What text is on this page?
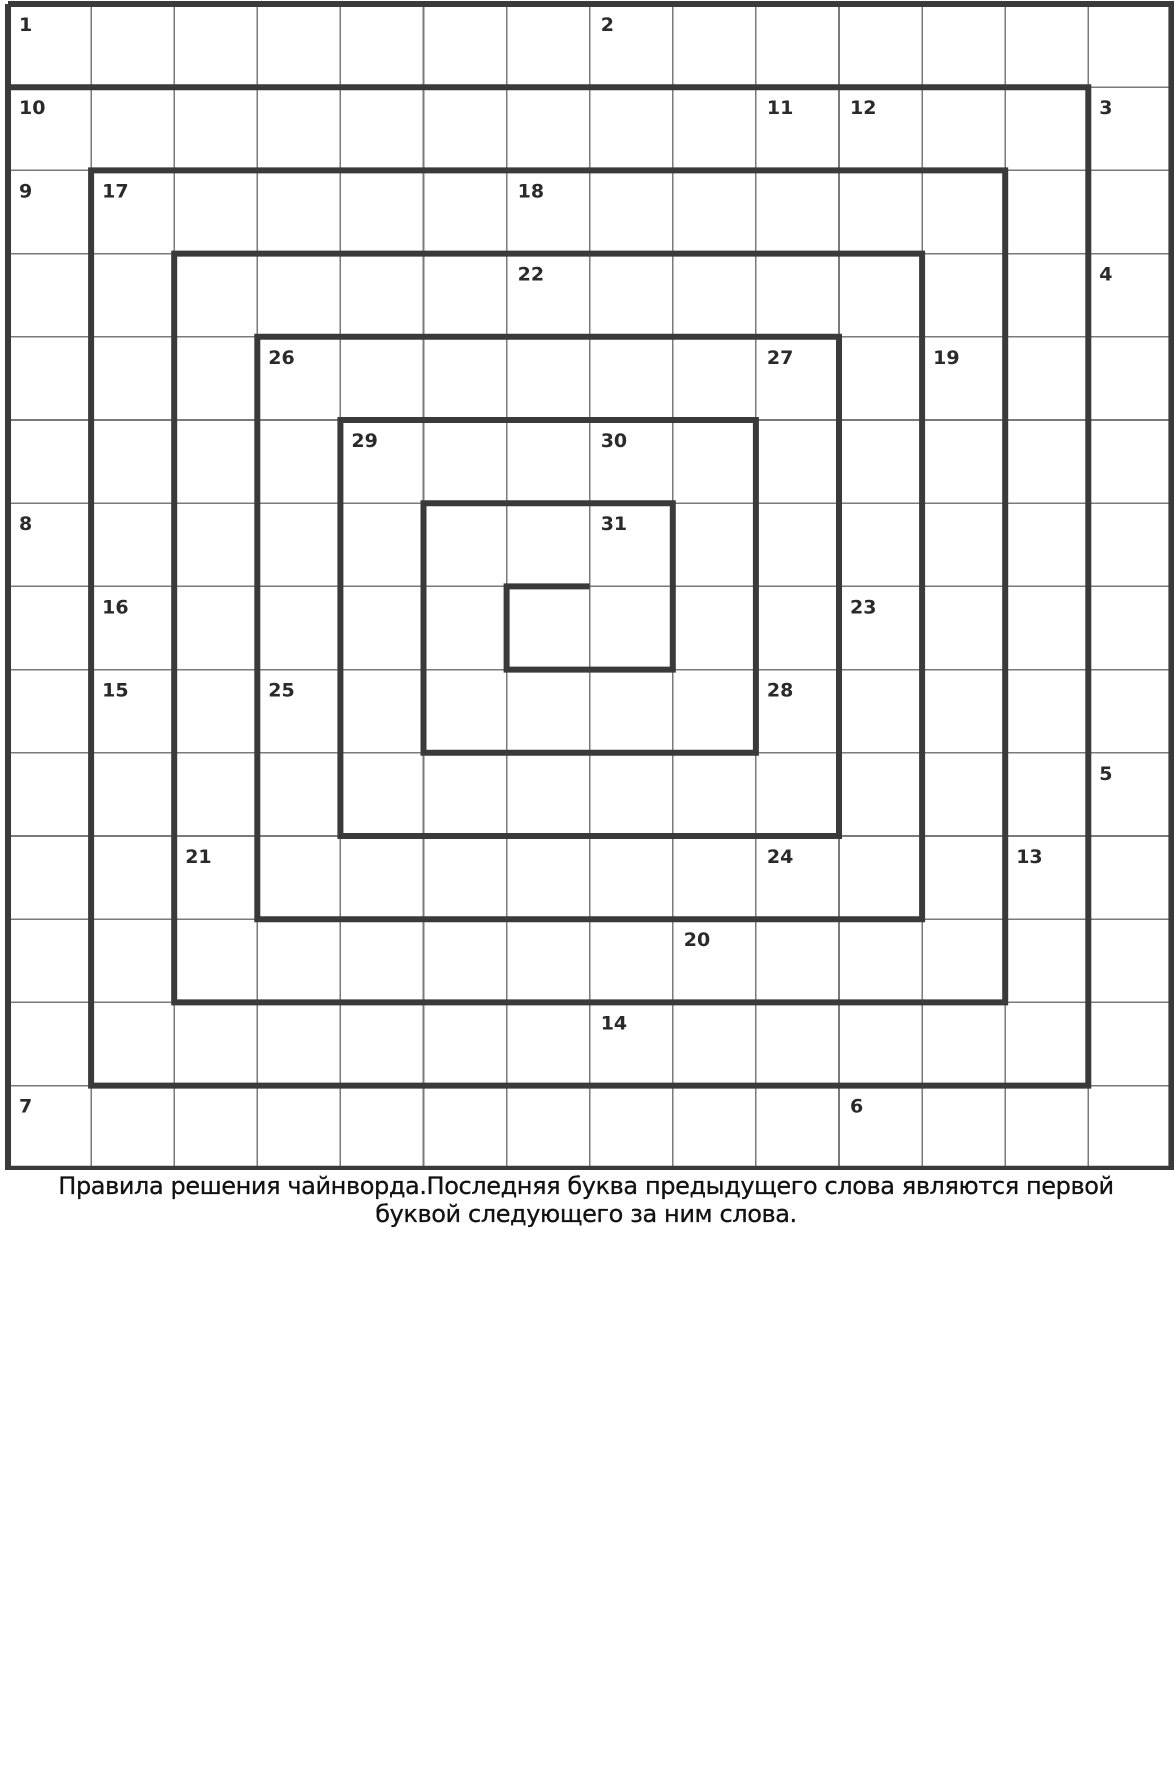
1	2
3
4
5
6
7
8
9
10	11	12
13
14
15
16
17	18
19
20
21
22
23
24
25
26	27
28
29	30
31

Правила решения чайнворда.Последняя буква предыдущего слова являются первой буквой следующего за ним слова.
